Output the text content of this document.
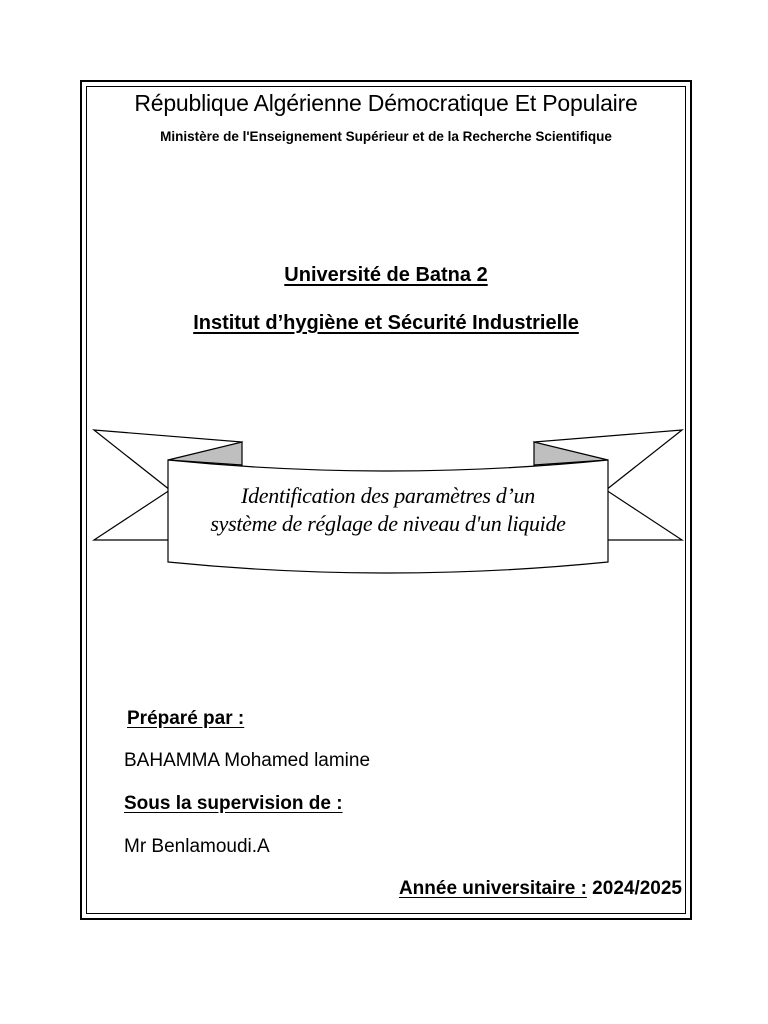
République Algérienne Démocratique Et Populaire
Ministère de l'Enseignement Supérieur et de la Recherche Scientifique
Université de Batna 2
Institut d’hygiène et Sécurité Industrielle
Identification des paramètres d’un
système de réglage de niveau d'un liquide
Préparé par :
BAHAMMA Mohamed lamine
Sous la supervision de :
Mr Benlamoudi.A
Année universitaire : 2024/2025
